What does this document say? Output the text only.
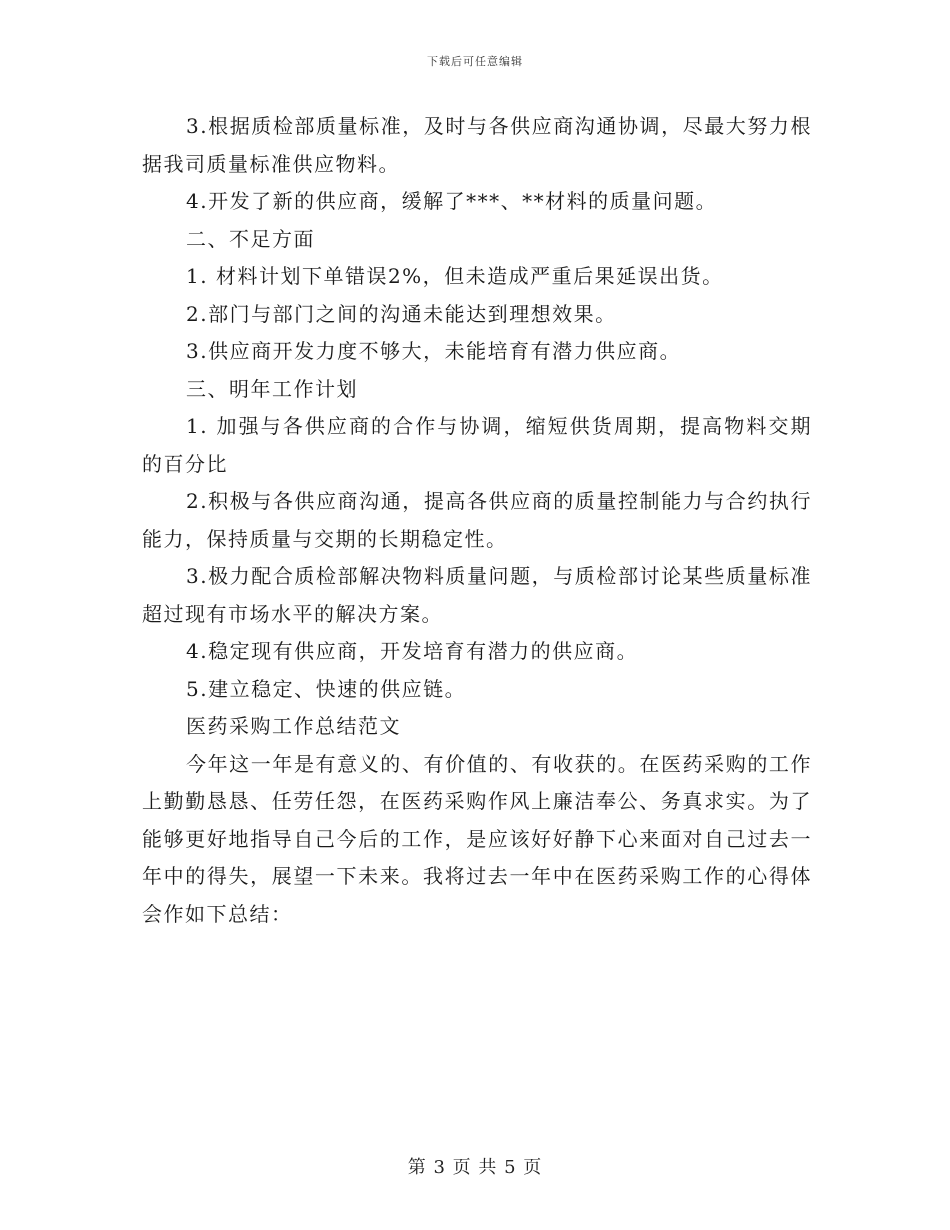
下载后可任意编辑

3.根据质检部质量标准，及时与各供应商沟通协调，尽最大努力根据我司质量标准供应物料。

4.开发了新的供应商，缓解了***、**材料的质量问题。

二、不足方面

1. 材料计划下单错误2%，但未造成严重后果延误出货。

2.部门与部门之间的沟通未能达到理想效果。

3.供应商开发力度不够大，未能培育有潜力供应商。

三、明年工作计划

1. 加强与各供应商的合作与协调，缩短供货周期，提高物料交期的百分比

2.积极与各供应商沟通，提高各供应商的质量控制能力与合约执行能力，保持质量与交期的长期稳定性。

3.极力配合质检部解决物料质量问题，与质检部讨论某些质量标准超过现有市场水平的解决方案。

4.稳定现有供应商，开发培育有潜力的供应商。

5.建立稳定、快速的供应链。

医药采购工作总结范文

今年这一年是有意义的、有价值的、有收获的。在医药采购的工作上勤勤恳恳、任劳任怨，在医药采购作风上廉洁奉公、务真求实。为了能够更好地指导自己今后的工作，是应该好好静下心来面对自己过去一年中的得失，展望一下未来。我将过去一年中在医药采购工作的心得体会作如下总结：

第 3 页 共 5 页
